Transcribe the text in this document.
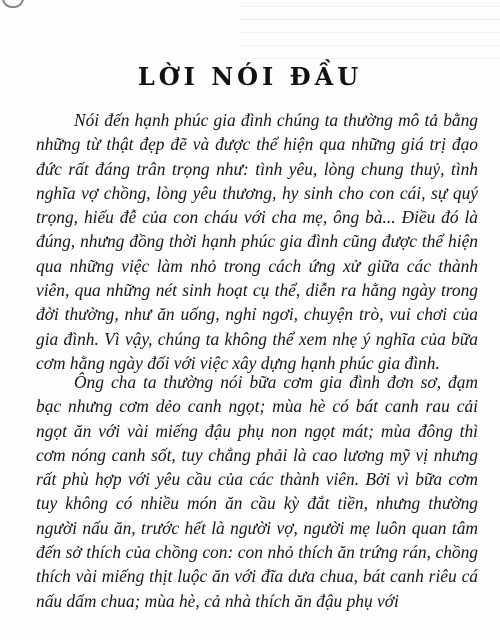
LỜI NÓI ĐẦU

Nói đến hạnh phúc gia đình chúng ta thường mô tả bằng những từ thật đẹp đẽ và được thể hiện qua những giá trị đạo đức rất đáng trân trọng như: tình yêu, lòng chung thuỷ, tình nghĩa vợ chồng, lòng yêu thương, hy sinh cho con cái, sự quý trọng, hiếu đễ của con cháu với cha mẹ, ông bà... Điều đó là đúng, nhưng đồng thời hạnh phúc gia đình cũng được thể hiện qua những việc làm nhỏ trong cách ứng xử giữa các thành viên, qua những nét sinh hoạt cụ thể, diễn ra hằng ngày trong đời thường, như ăn uống, nghỉ ngơi, chuyện trò, vui chơi của gia đình. Vì vậy, chúng ta không thể xem nhẹ ý nghĩa của bữa cơm hằng ngày đối với việc xây dựng hạnh phúc gia đình.

Ông cha ta thường nói bữa cơm gia đình đơn sơ, đạm bạc nhưng cơm dẻo canh ngọt; mùa hè có bát canh rau cải ngọt ăn với vài miếng đậu phụ non ngọt mát; mùa đông thì cơm nóng canh sốt, tuy chẳng phải là cao lương mỹ vị nhưng rất phù hợp với yêu cầu của các thành viên. Bởi vì bữa cơm tuy không có nhiều món ăn cầu kỳ đắt tiền, nhưng thường người nấu ăn, trước hết là người vợ, người mẹ luôn quan tâm đến sở thích của chồng con: con nhỏ thích ăn trứng rán, chồng thích vài miếng thịt luộc ăn với đĩa dưa chua, bát canh riêu cá nấu dấm chua; mùa hè, cả nhà thích ăn đậu phụ với
